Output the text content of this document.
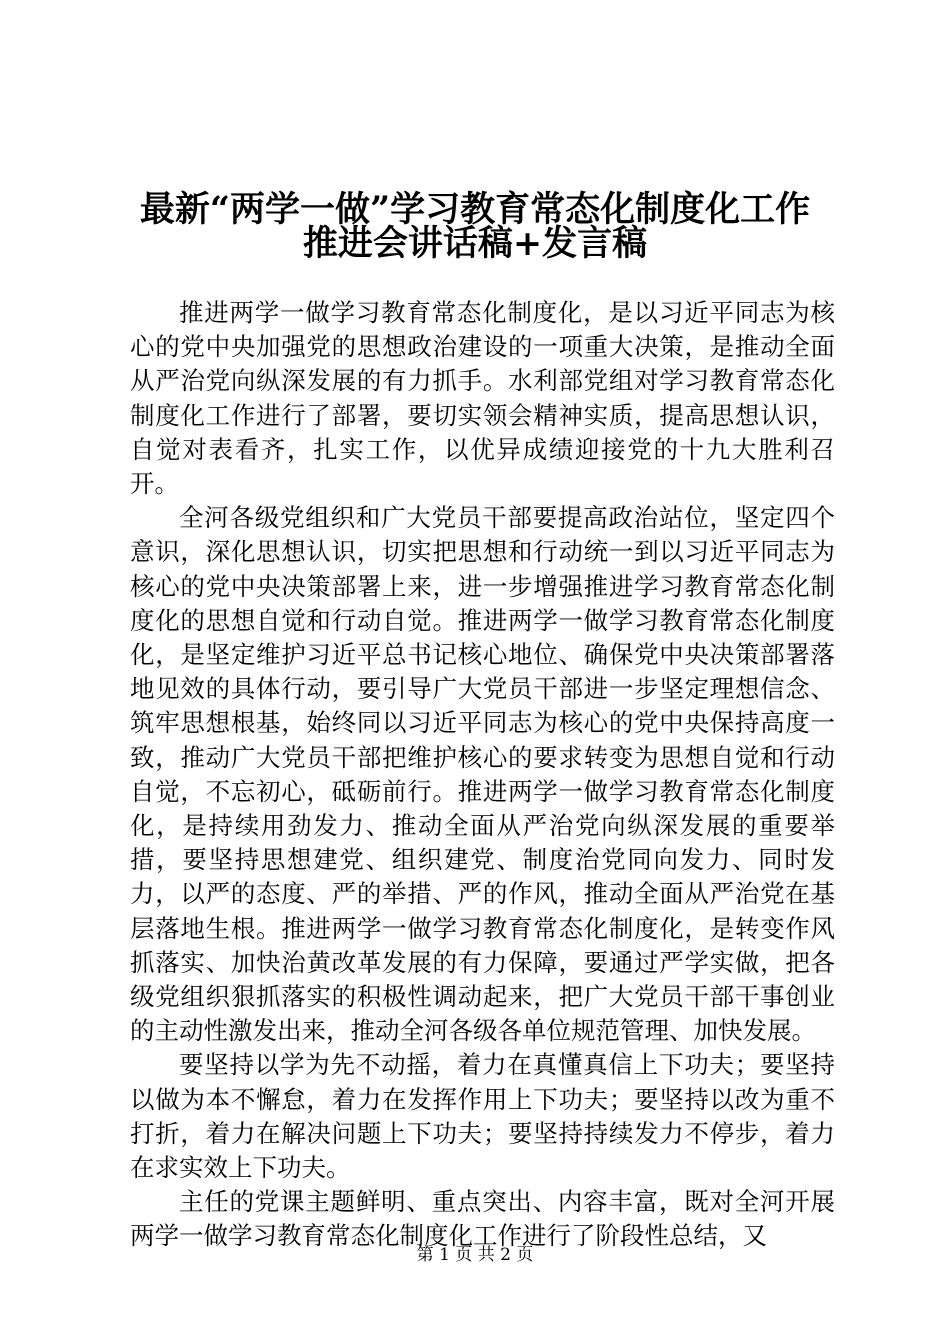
最新“两学一做”学习教育常态化制度化工作
推进会讲话稿+发言稿

推进两学一做学习教育常态化制度化，是以习近平同志为核心的党中央加强党的思想政治建设的一项重大决策，是推动全面从严治党向纵深发展的有力抓手。水利部党组对学习教育常态化制度化工作进行了部署，要切实领会精神实质，提高思想认识，自觉对表看齐，扎实工作，以优异成绩迎接党的十九大胜利召开。

全河各级党组织和广大党员干部要提高政治站位，坚定四个意识，深化思想认识，切实把思想和行动统一到以习近平同志为核心的党中央决策部署上来，进一步增强推进学习教育常态化制度化的思想自觉和行动自觉。推进两学一做学习教育常态化制度化，是坚定维护习近平总书记核心地位、确保党中央决策部署落地见效的具体行动，要引导广大党员干部进一步坚定理想信念、筑牢思想根基，始终同以习近平同志为核心的党中央保持高度一致，推动广大党员干部把维护核心的要求转变为思想自觉和行动自觉，不忘初心，砥砺前行。推进两学一做学习教育常态化制度化，是持续用劲发力、推动全面从严治党向纵深发展的重要举措，要坚持思想建党、组织建党、制度治党同向发力、同时发力，以严的态度、严的举措、严的作风，推动全面从严治党在基层落地生根。推进两学一做学习教育常态化制度化，是转变作风抓落实、加快治黄改革发展的有力保障，要通过严学实做，把各级党组织狠抓落实的积极性调动起来，把广大党员干部干事创业的主动性激发出来，推动全河各级各单位规范管理、加快发展。

要坚持以学为先不动摇，着力在真懂真信上下功夫；要坚持以做为本不懈怠，着力在发挥作用上下功夫；要坚持以改为重不打折，着力在解决问题上下功夫；要坚持持续发力不停步，着力在求实效上下功夫。

主任的党课主题鲜明、重点突出、内容丰富，既对全河开展两学一做学习教育常态化制度化工作进行了阶段性总结，又

第 1 页 共 2 页
